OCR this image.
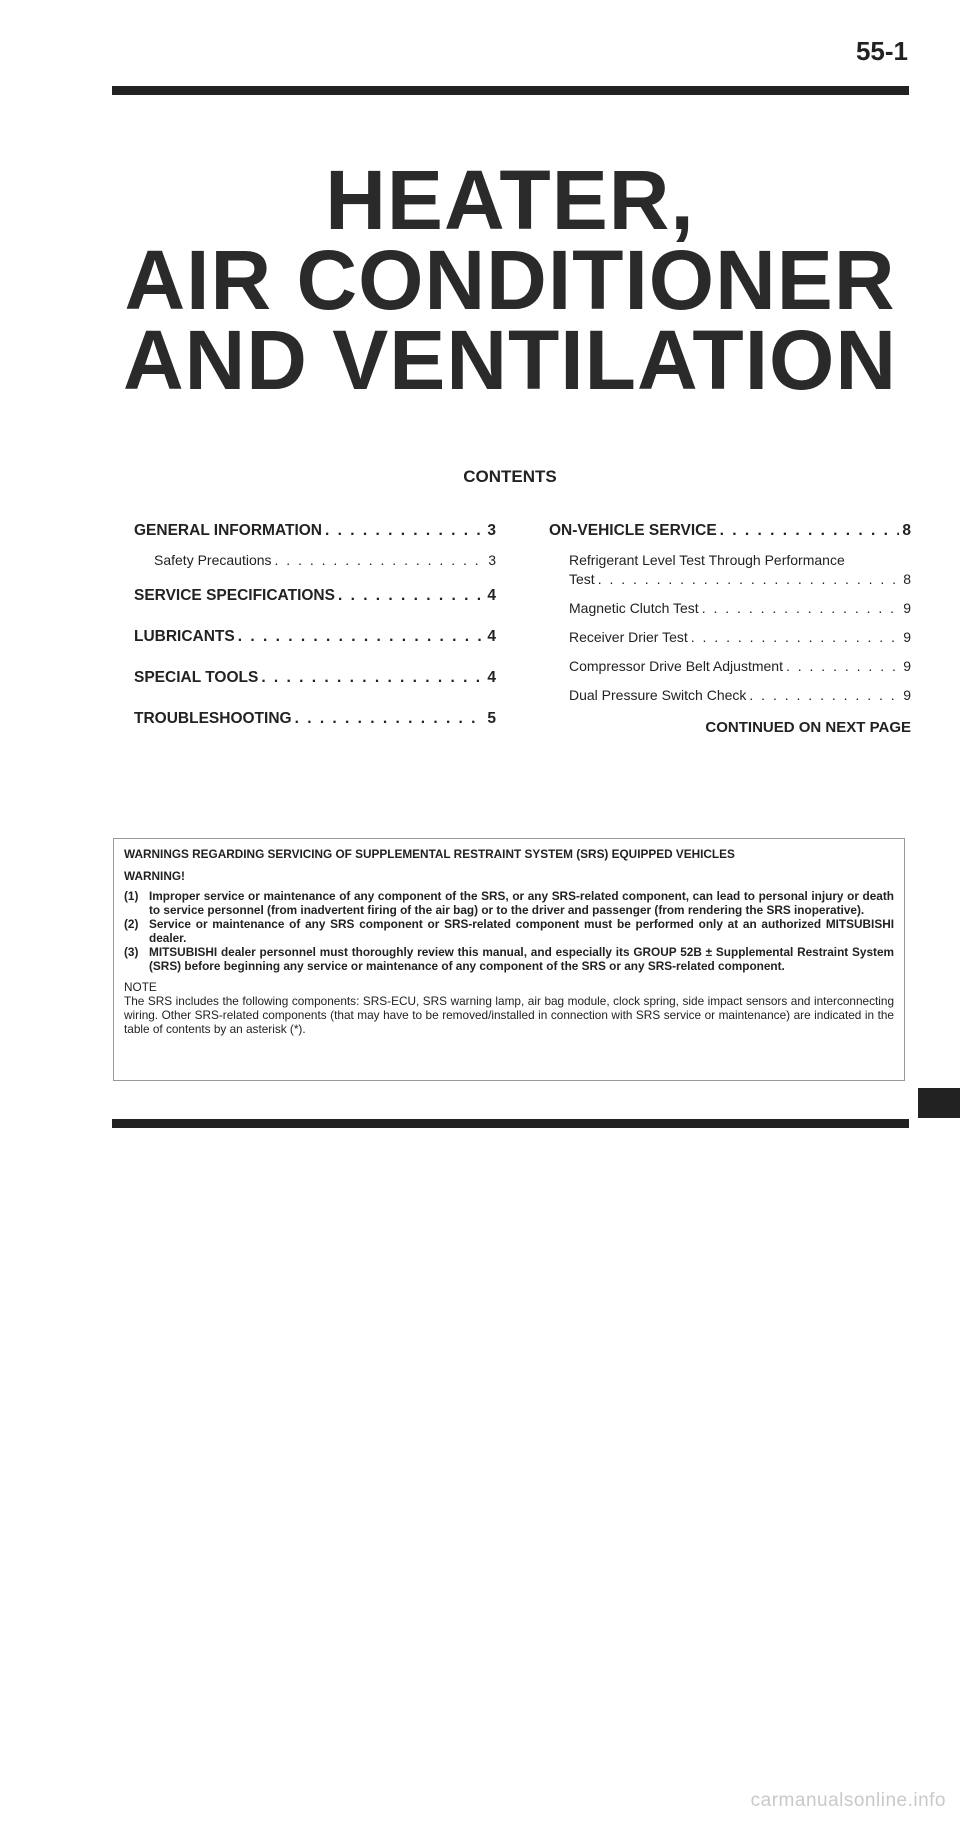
55-1
HEATER,
AIR CONDITIONER
AND VENTILATION
CONTENTS
GENERAL INFORMATION . . .	3
Safety Precautions . . .	3
SERVICE SPECIFICATIONS . . .	4
LUBRICANTS . . .	4
SPECIAL TOOLS . . .	4
TROUBLESHOOTING . . .	5
ON-VEHICLE SERVICE . . .	8
Refrigerant Level Test Through Performance
Test . . .	8
Magnetic Clutch Test . . .	9
Receiver Drier Test . . .	9
Compressor Drive Belt Adjustment . . .	9
Dual Pressure Switch Check . . .	9
CONTINUED ON NEXT PAGE
WARNINGS REGARDING SERVICING OF SUPPLEMENTAL RESTRAINT SYSTEM (SRS) EQUIPPED VEHICLES
WARNING!
(1) Improper service or maintenance of any component of the SRS, or any SRS-related component, can lead to personal injury or death to service personnel (from inadvertent firing of the air bag) or to the driver and passenger (from rendering the SRS inoperative).
(2) Service or maintenance of any SRS component or SRS-related component must be performed only at an authorized MITSUBISHI dealer.
(3) MITSUBISHI dealer personnel must thoroughly review this manual, and especially its GROUP 52B ± Supplemental Restraint System (SRS) before beginning any service or maintenance of any component of the SRS or any SRS-related component.
NOTE
The SRS includes the following components: SRS-ECU, SRS warning lamp, air bag module, clock spring, side impact sensors and interconnecting wiring. Other SRS-related components (that may have to be removed/installed in connection with SRS service or maintenance) are indicated in the table of contents by an asterisk (*).
carmanualsonline.info
